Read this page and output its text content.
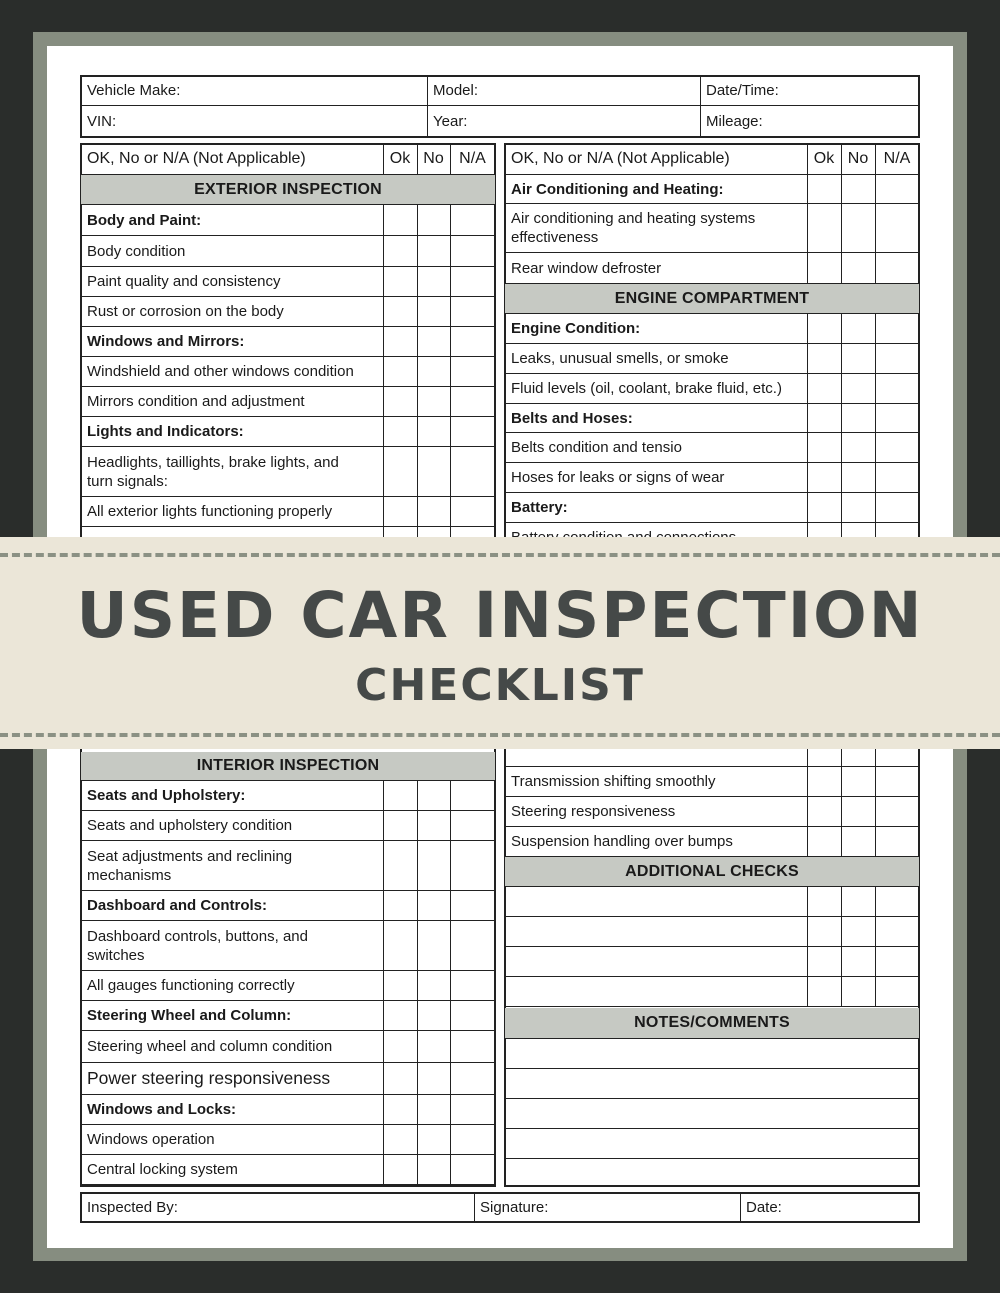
Vehicle Make:	Model:	Date/Time:
VIN:	Year:	Mileage:
OK, No or N/A (Not Applicable)	Ok No N/A
EXTERIOR INSPECTION
OK, No or N/A (Not Applicable)	Ok No N/A
INTERIOR INSPECTION
Inspected By:	Signature:	Date:
Body and Paint:
Body condition
Paint quality and consistency
Rust or corrosion on the body
Windows and Mirrors:
Windshield and other windows condition
Mirrors condition and adjustment
Lights and Indicators:
Headlights, taillights, brake lights, and
turn signals:
All exterior lights functioning properly
Air Conditioning and Heating:
Air conditioning and heating systems
effectiveness
Rear window defroster
ENGINE COMPARTMENT
Engine Condition:
Leaks, unusual smells, or smoke
Fluid levels (oil, coolant, brake fluid, etc.)
Belts and Hoses:
Belts condition and tensio
Hoses for leaks or signs of wear
Battery:
Seats and Upholstery:
Seats and upholstery condition
Seat adjustments and reclining
mechanisms
Dashboard and Controls:
Dashboard controls, buttons, and
switches
All gauges functioning correctly
Steering Wheel and Column:
Steering wheel and column condition
Power steering responsiveness
Windows and Locks:
Windows operation
Central locking system
Transmission shifting smoothly
Steering responsiveness
Suspension handling over bumps
ADDITIONAL CHECKS
NOTES/COMMENTS
USED CAR INSPECTION
CHECKLIST
